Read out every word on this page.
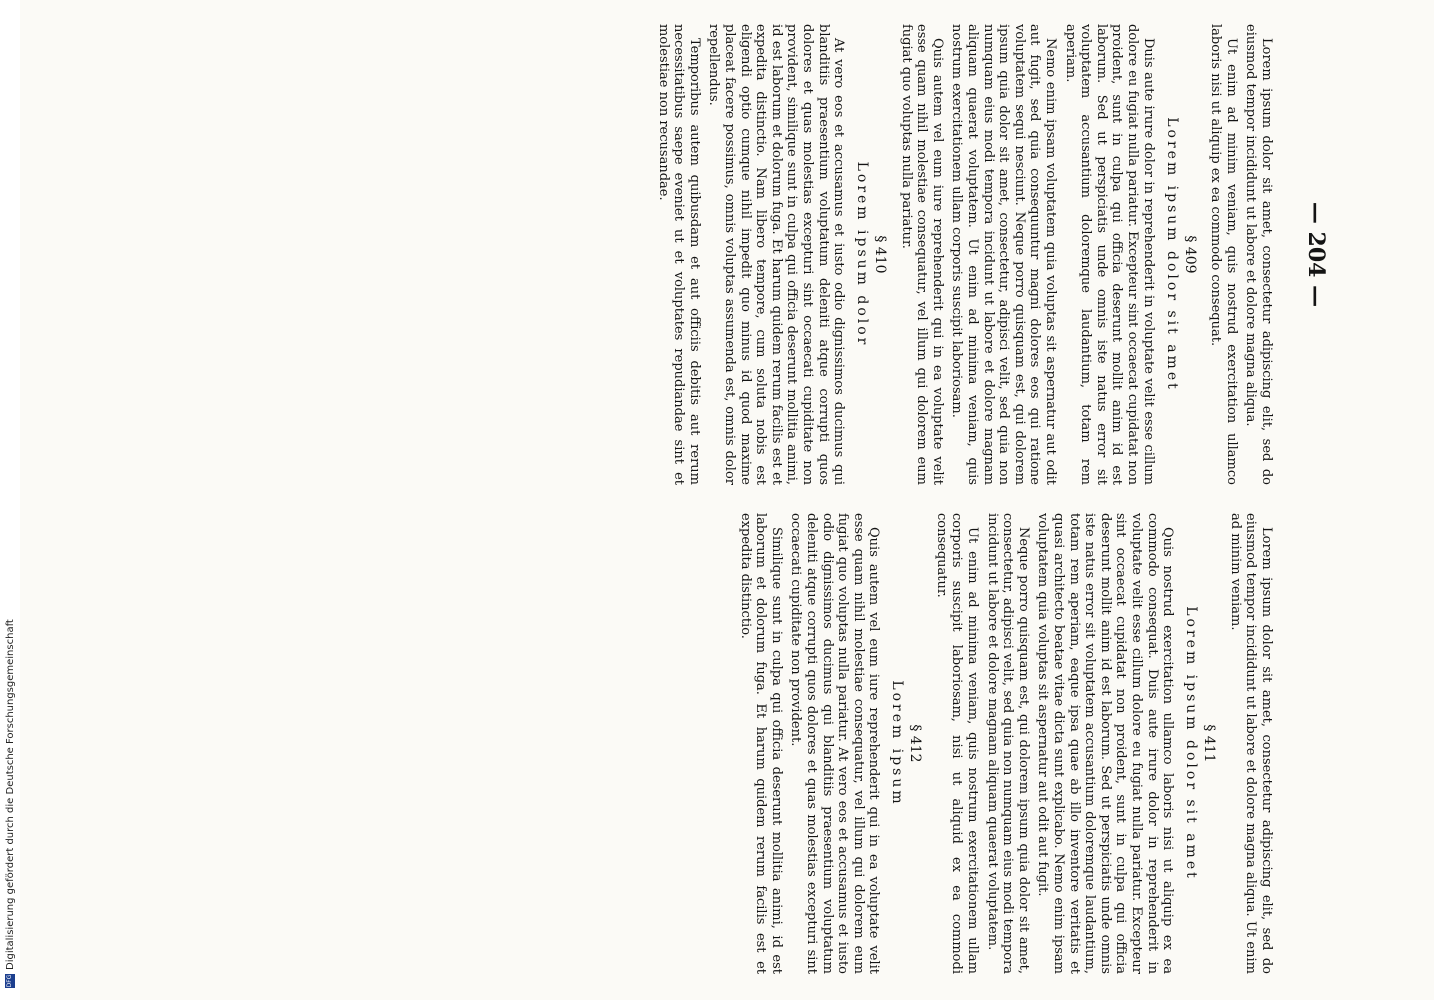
DFG
Digitalisierung gefördert durch die Deutsche Forschungsgemeinschaft
— 204 —
Lorem ipsum dolor sit amet, consectetur adipiscing elit, sed do eiusmod tempor incididunt ut labore et dolore magna aliqua.
Ut enim ad minim veniam, quis nostrud exercitation ullamco laboris nisi ut aliquip ex ea commodo consequat.
§ 409
Lorem ipsum dolor sit amet
Duis aute irure dolor in reprehenderit in voluptate velit esse cillum dolore eu fugiat nulla pariatur. Excepteur sint occaecat cupidatat non proident, sunt in culpa qui officia deserunt mollit anim id est laborum. Sed ut perspiciatis unde omnis iste natus error sit voluptatem accusantium doloremque laudantium, totam rem aperiam.
Nemo enim ipsam voluptatem quia voluptas sit aspernatur aut odit aut fugit, sed quia consequuntur magni dolores eos qui ratione voluptatem sequi nesciunt. Neque porro quisquam est, qui dolorem ipsum quia dolor sit amet, consectetur, adipisci velit, sed quia non numquam eius modi tempora incidunt ut labore et dolore magnam aliquam quaerat voluptatem. Ut enim ad minima veniam, quis nostrum exercitationem ullam corporis suscipit laboriosam.
Quis autem vel eum iure reprehenderit qui in ea voluptate velit esse quam nihil molestiae consequatur, vel illum qui dolorem eum fugiat quo voluptas nulla pariatur.
§ 410
Lorem ipsum dolor
At vero eos et accusamus et iusto odio dignissimos ducimus qui blanditiis praesentium voluptatum deleniti atque corrupti quos dolores et quas molestias excepturi sint occaecati cupiditate non provident, similique sunt in culpa qui officia deserunt mollitia animi, id est laborum et dolorum fuga. Et harum quidem rerum facilis est et expedita distinctio. Nam libero tempore, cum soluta nobis est eligendi optio cumque nihil impedit quo minus id quod maxime placeat facere possimus, omnis voluptas assumenda est, omnis dolor repellendus.
Temporibus autem quibusdam et aut officiis debitis aut rerum necessitatibus saepe eveniet ut et voluptates repudiandae sint et molestiae non recusandae.
Lorem ipsum dolor sit amet, consectetur adipiscing elit, sed do eiusmod tempor incididunt ut labore et dolore magna aliqua. Ut enim ad minim veniam.
§ 411
Lorem ipsum dolor sit amet
Quis nostrud exercitation ullamco laboris nisi ut aliquip ex ea commodo consequat. Duis aute irure dolor in reprehenderit in voluptate velit esse cillum dolore eu fugiat nulla pariatur. Excepteur sint occaecat cupidatat non proident, sunt in culpa qui officia deserunt mollit anim id est laborum. Sed ut perspiciatis unde omnis iste natus error sit voluptatem accusantium doloremque laudantium, totam rem aperiam, eaque ipsa quae ab illo inventore veritatis et quasi architecto beatae vitae dicta sunt explicabo. Nemo enim ipsam voluptatem quia voluptas sit aspernatur aut odit aut fugit.
Neque porro quisquam est, qui dolorem ipsum quia dolor sit amet, consectetur, adipisci velit, sed quia non numquam eius modi tempora incidunt ut labore et dolore magnam aliquam quaerat voluptatem.
Ut enim ad minima veniam, quis nostrum exercitationem ullam corporis suscipit laboriosam, nisi ut aliquid ex ea commodi consequatur.
§ 412
Lorem ipsum
Quis autem vel eum iure reprehenderit qui in ea voluptate velit esse quam nihil molestiae consequatur, vel illum qui dolorem eum fugiat quo voluptas nulla pariatur. At vero eos et accusamus et iusto odio dignissimos ducimus qui blanditiis praesentium voluptatum deleniti atque corrupti quos dolores et quas molestias excepturi sint occaecati cupiditate non provident.
Similique sunt in culpa qui officia deserunt mollitia animi, id est laborum et dolorum fuga. Et harum quidem rerum facilis est et expedita distinctio.
